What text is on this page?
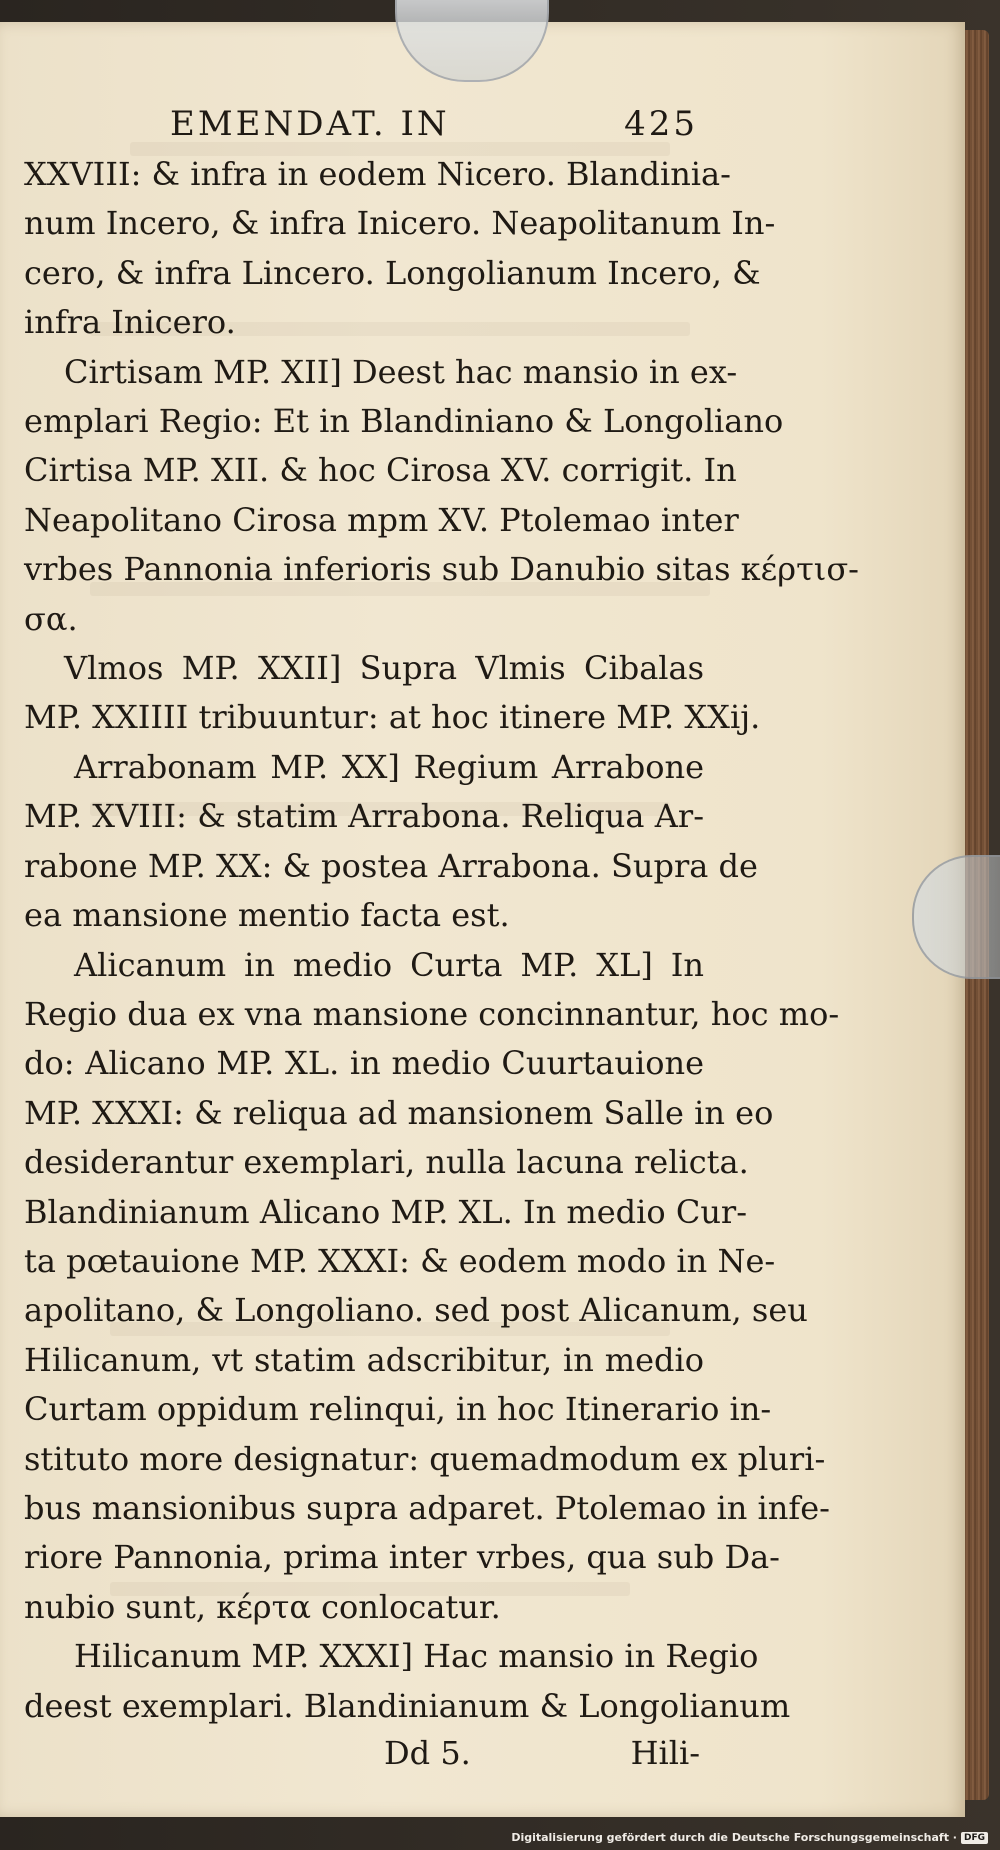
EMENDAT. IN	425
XXVIII: & infra in eodem Nicero. Blandinia-
num Incero, & infra Inicero. Neapolitanum In-
cero, & infra Lincero. Longolianum Incero, &
infra Inicero.
Cirtisam MP. XII] Deest hac mansio in ex-
emplari Regio: Et in Blandiniano & Longoliano
Cirtisa MP. XII. & hoc Cirosa XV. corrigit. In
Neapolitano Cirosa mpm XV. Ptolemao inter
vrbes Pannonia inferioris sub Danubio sitas κέρτισ-
σα.
Vlmos MP. XXII] Supra Vlmis Cibalas
MP. XXIIII tribuuntur: at hoc itinere MP. XXij.
Arrabonam MP. XX] Regium Arrabone
MP. XVIII: & statim Arrabona. Reliqua Ar-
rabone MP. XX: & postea Arrabona. Supra de
ea mansione mentio facta est.
Alicanum in medio Curta MP. XL] In
Regio dua ex vna mansione concinnantur, hoc mo-
do: Alicano MP. XL. in medio Cuurtauione
MP. XXXI: & reliqua ad mansionem Salle in eo
desiderantur exemplari, nulla lacuna relicta.
Blandinianum Alicano MP. XL. In medio Cur-
ta pœtauione MP. XXXI: & eodem modo in Ne-
apolitano, & Longoliano. sed post Alicanum, seu
Hilicanum, vt statim adscribitur, in medio
Curtam oppidum relinqui, in hoc Itinerario in-
stituto more designatur: quemadmodum ex pluri-
bus mansionibus supra adparet. Ptolemao in infe-
riore Pannonia, prima inter vrbes, qua sub Da-
nubio sunt, κέρτα conlocatur.
Hilicanum MP. XXXI] Hac mansio in Regio
deest exemplari. Blandinianum & Longolianum
Dd 5.	Hili-
Digitalisierung gefördert durch die Deutsche Forschungsgemeinschaft · DFG
